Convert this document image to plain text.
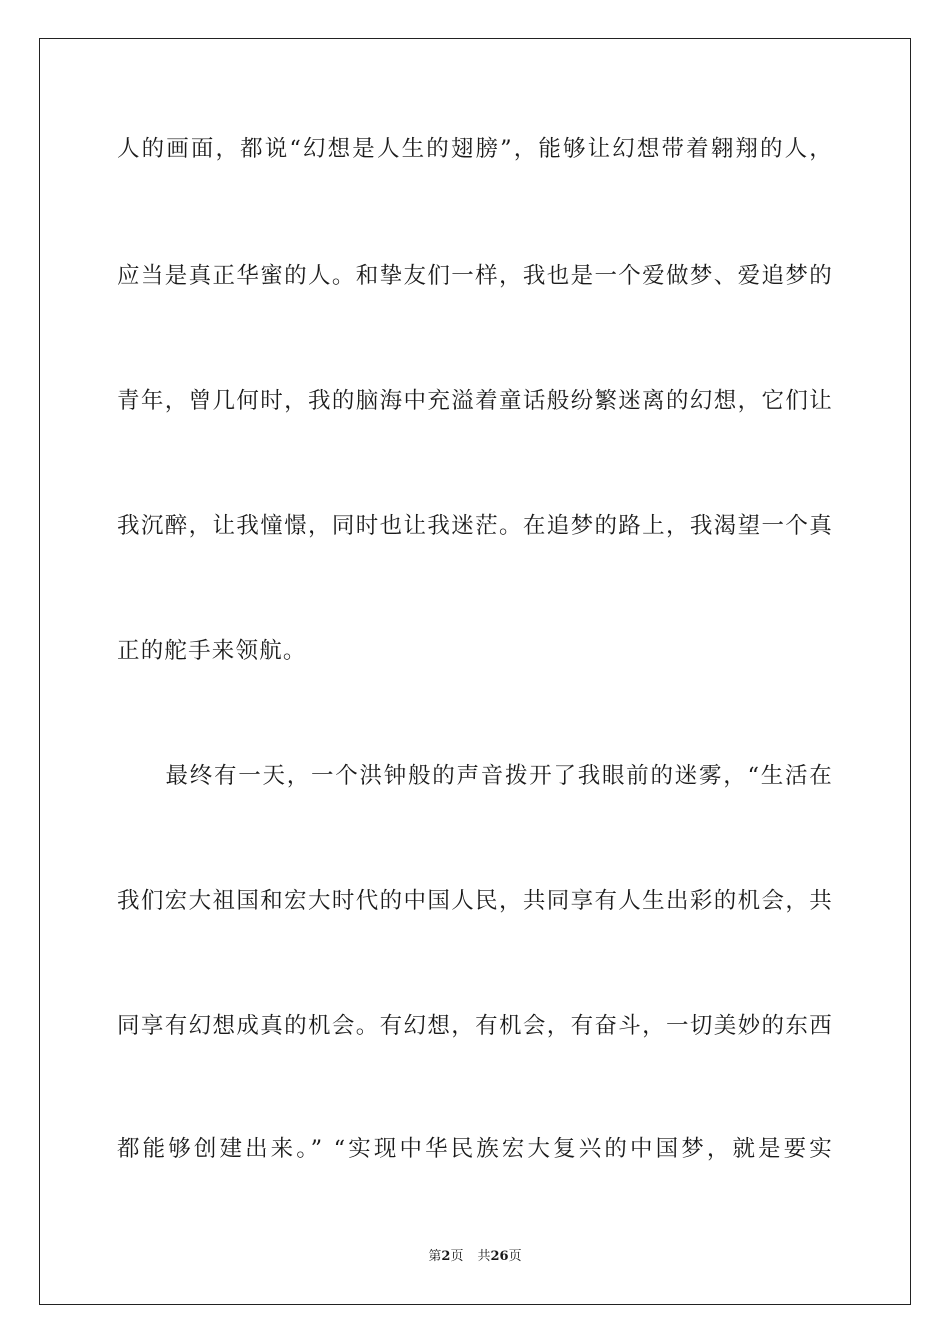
人的画面，都说“幻想是人生的翅膀”，能够让幻想带着翱翔的人，
应当是真正华蜜的人。和挚友们一样，我也是一个爱做梦、爱追梦的
青年，曾几何时，我的脑海中充溢着童话般纷繁迷离的幻想，它们让
我沉醉，让我憧憬，同时也让我迷茫。在追梦的路上，我渴望一个真
正的舵手来领航。
　　最终有一天，一个洪钟般的声音拨开了我眼前的迷雾，“生活在
我们宏大祖国和宏大时代的中国人民，共同享有人生出彩的机会，共
同享有幻想成真的机会。有幻想，有机会，有奋斗，一切美妙的东西
都能够创建出来。” “实现中华民族宏大复兴的中国梦，就是要实
第2页 共26页
